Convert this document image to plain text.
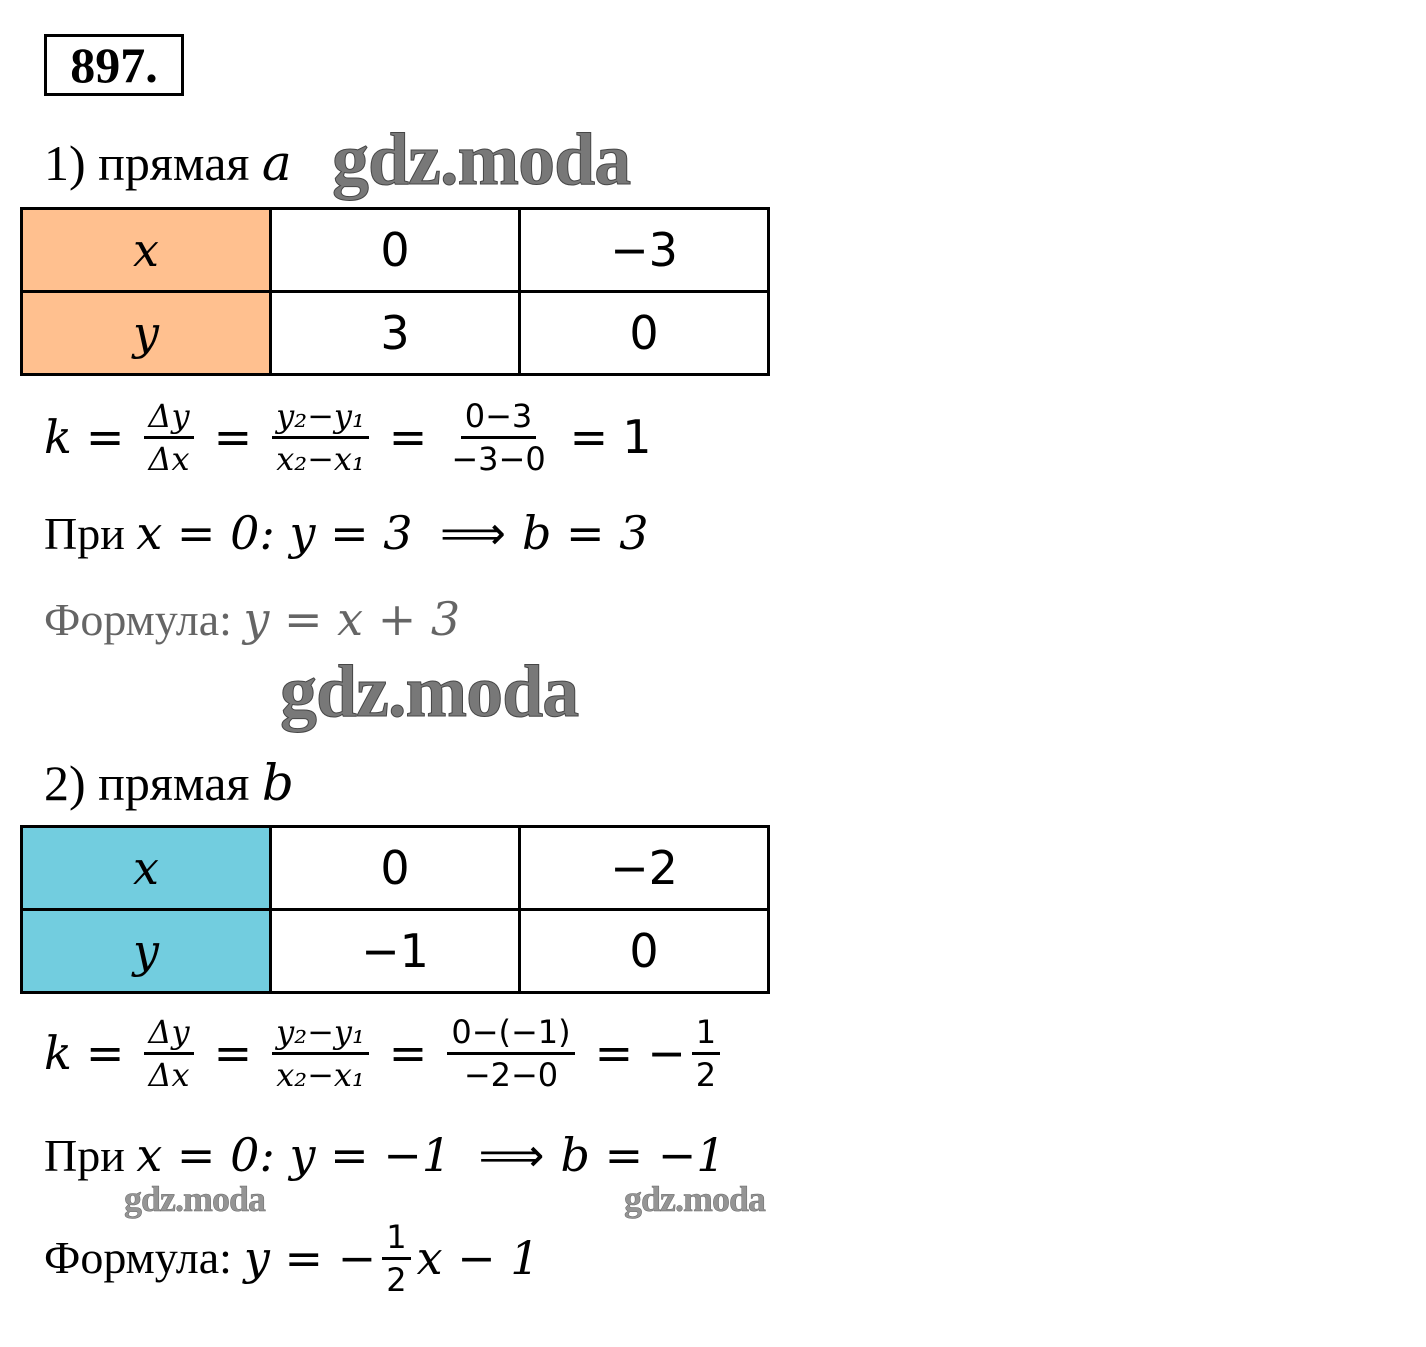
897.
1) прямая a gdz.moda
x	0	−3
y	3	0
$k = \frac{\Delta y}{\Delta x} = \frac{\text{y₂−y₁}}{\text{x₂−x₁}} = \frac{0-3}{-3-0} = 1$
При x = 0: y = 3 ⟹ b = 3
Формула: y = x + 3
gdz.moda
2) прямая b
x	0	−2
y	−1	0
$k = \frac{\Delta y}{\Delta x} = \frac{\text{y₂−y₁}}{\text{x₂−x₁}} = \frac{0-(-1)}{-2-0}$ = − $\frac{1}{2}$
При x = 0: y = −1 ⟹ b = −1
gdz.moda	gdz.moda
Формула: y = − $\frac{1}{2}$ x − 1
